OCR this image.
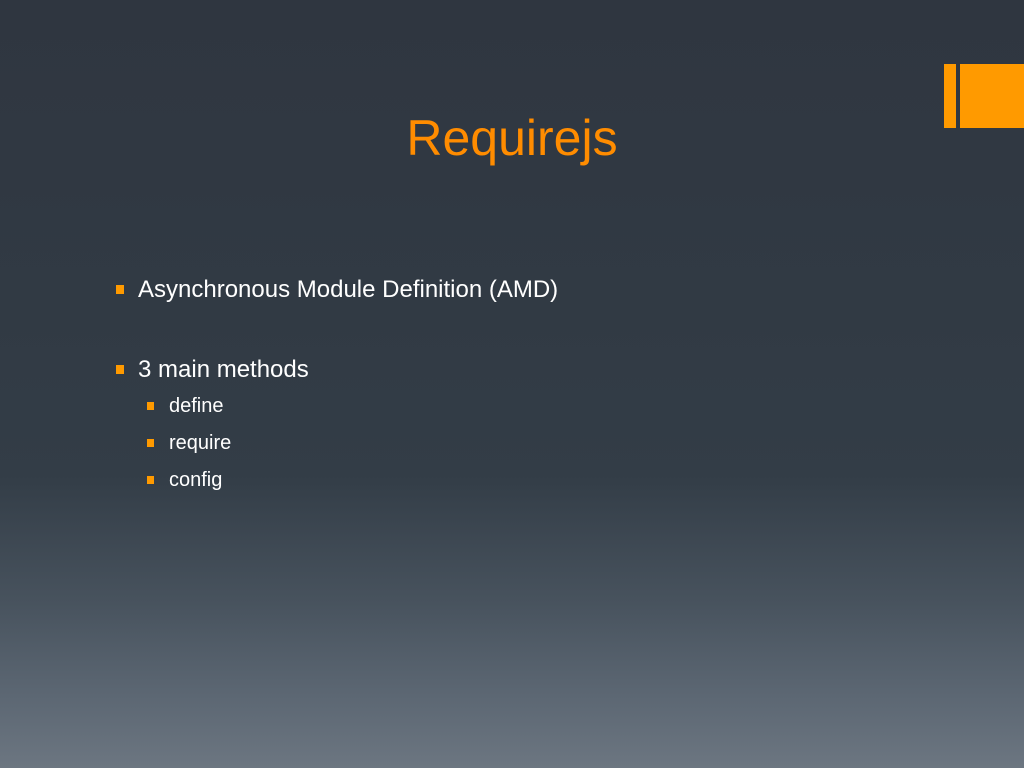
Requirejs
Asynchronous Module Definition (AMD)
3 main methods
define
require
config
